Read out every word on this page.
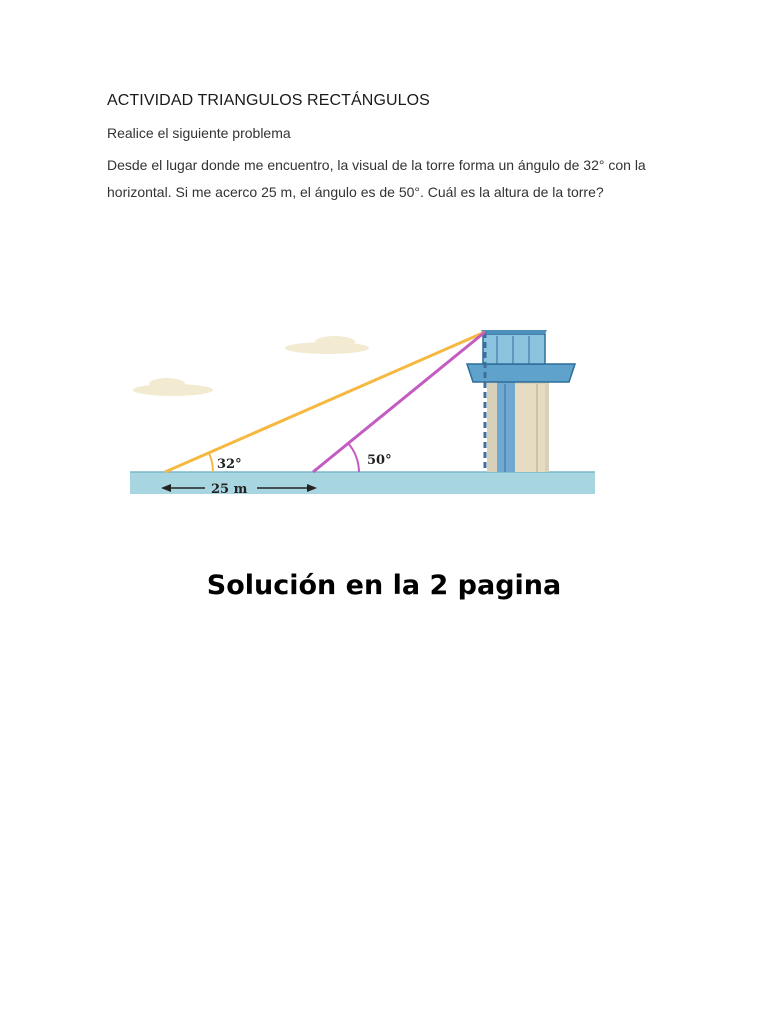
ACTIVIDAD TRIANGULOS RECTÁNGULOS
Realice el siguiente problema
Desde el lugar donde me encuentro, la visual de la torre forma un ángulo de 32° con la horizontal. Si me acerco 25 m, el ángulo es de 50°. Cuál es la altura de la torre?
32°	50°
25 m
Solución en la 2 pagina
